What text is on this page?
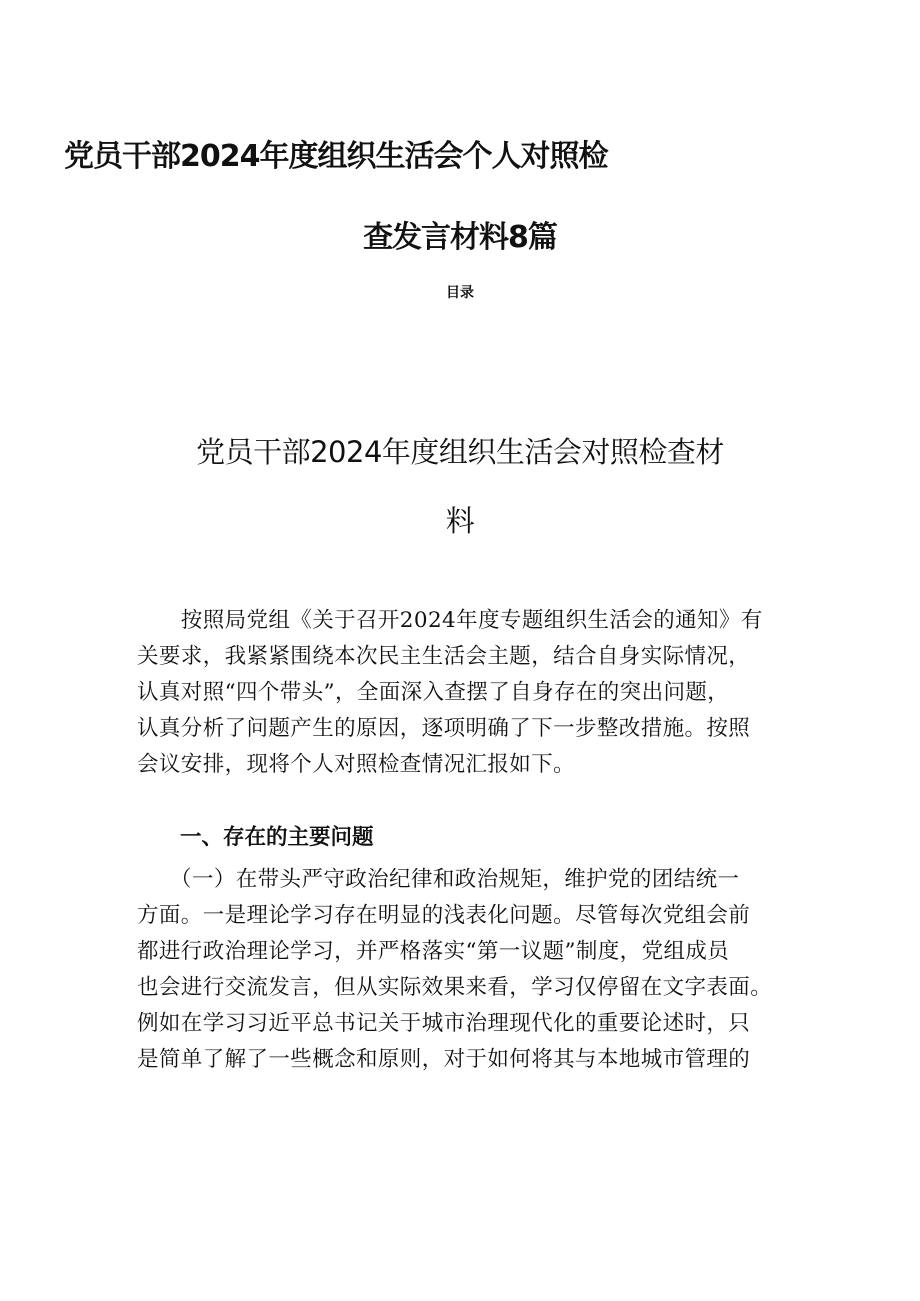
党员干部2024年度组织生活会个人对照检
查发言材料8篇
目录
党员干部2024年度组织生活会对照检查材
料

　　按照局党组《关于召开2024年度专题组织生活会的通知》有
关要求，我紧紧围绕本次民主生活会主题，结合自身实际情况，
认真对照“四个带头”，全面深入查摆了自身存在的突出问题，
认真分析了问题产生的原因，逐项明确了下一步整改措施。按照
会议安排，现将个人对照检查情况汇报如下。

一、存在的主要问题

　　（一）在带头严守政治纪律和政治规矩，维护党的团结统一
方面。一是理论学习存在明显的浅表化问题。尽管每次党组会前
都进行政治理论学习，并严格落实“第一议题”制度，党组成员
也会进行交流发言，但从实际效果来看，学习仅停留在文字表面。
例如在学习习近平总书记关于城市治理现代化的重要论述时，只
是简单了解了一些概念和原则，对于如何将其与本地城市管理的
